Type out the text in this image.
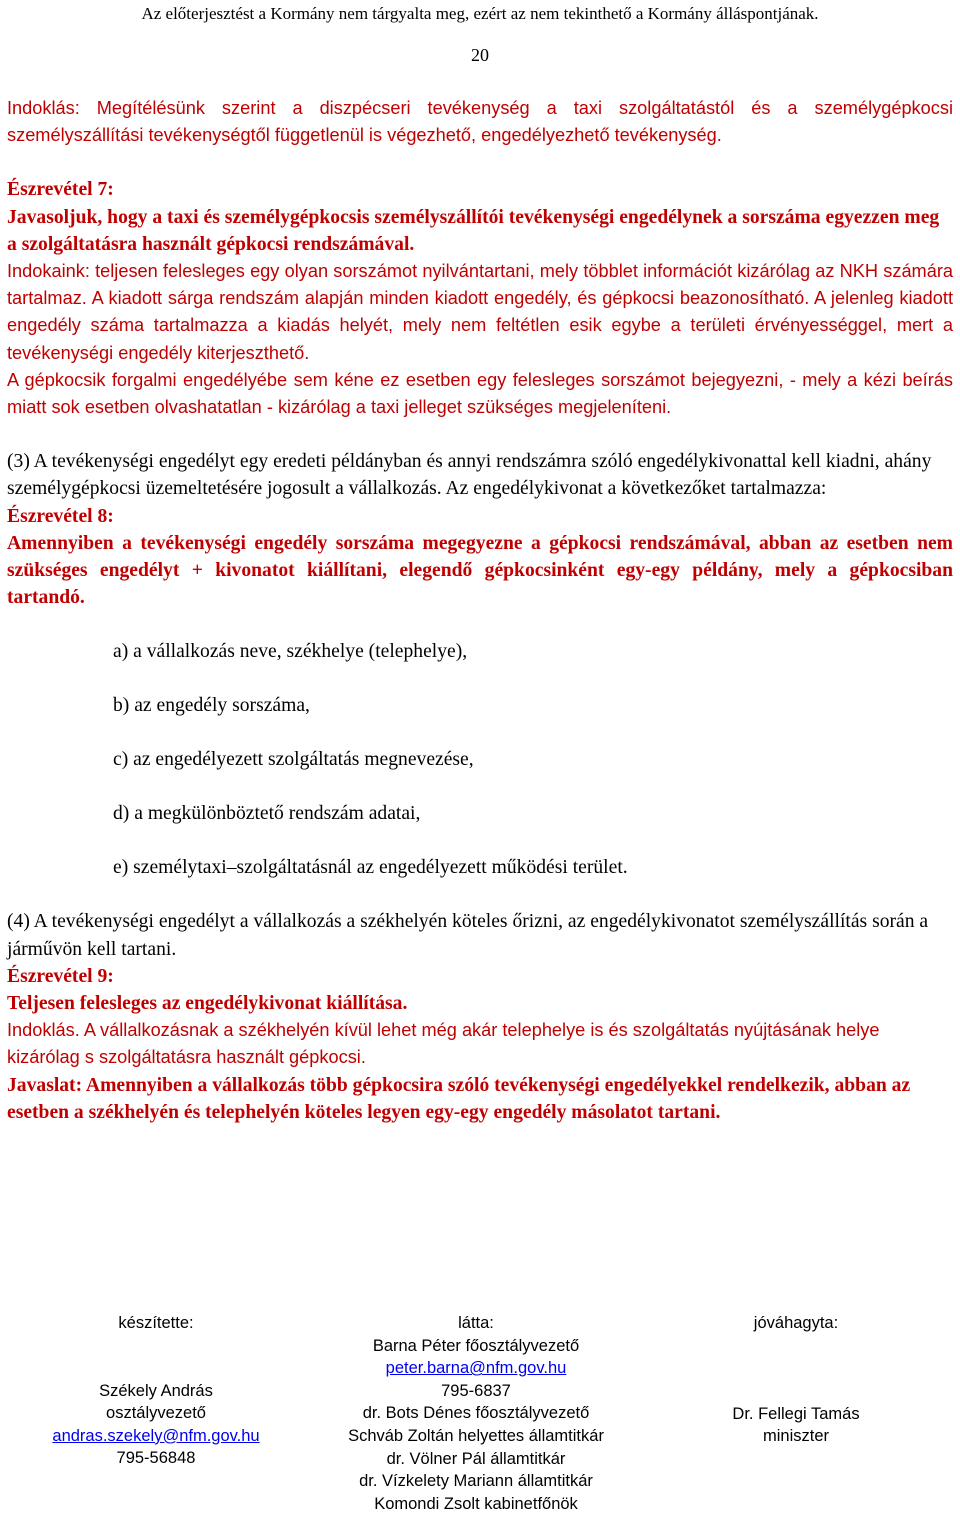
Az előterjesztést a Kormány nem tárgyalta meg, ezért az nem tekinthető a Kormány álláspontjának.
20

Indoklás: Megítélésünk szerint a diszpécseri tevékenység a taxi szolgáltatástól és a személygépkocsi személyszállítási tevékenységtől függetlenül is végezhető, engedélyezhető tevékenység.

Észrevétel 7:

Javasoljuk, hogy a taxi és személygépkocsis személyszállítói tevékenységi engedélynek a sorszáma egyezzen meg a szolgáltatásra használt gépkocsi rendszámával.

Indokaink: teljesen felesleges egy olyan sorszámot nyilvántartani, mely többlet információt kizárólag az NKH számára tartalmaz. A kiadott sárga rendszám alapján minden kiadott engedély, és gépkocsi beazonosítható. A jelenleg kiadott engedély száma tartalmazza a kiadás helyét, mely nem feltétlen esik egybe a területi érvényességgel, mert a tevékenységi engedély kiterjeszthető.

A gépkocsik forgalmi engedélyébe sem kéne ez esetben egy felesleges sorszámot bejegyezni, - mely a kézi beírás miatt sok esetben olvashatatlan - kizárólag a taxi jelleget szükséges megjeleníteni.

(3) A tevékenységi engedélyt egy eredeti példányban és annyi rendszámra szóló engedélykivonattal kell kiadni, ahány személygépkocsi üzemeltetésére jogosult a vállalkozás. Az engedélykivonat a következőket tartalmazza:

Észrevétel 8:

Amennyiben a tevékenységi engedély sorszáma megegyezne a gépkocsi rendszámával, abban az esetben nem szükséges engedélyt + kivonatot kiállítani, elegendő gépkocsinként egy-egy példány, mely a gépkocsiban tartandó.

a) a vállalkozás neve, székhelye (telephelye),

b) az engedély sorszáma,

c) az engedélyezett szolgáltatás megnevezése,

d) a megkülönböztető rendszám adatai,

e) személytaxi–szolgáltatásnál az engedélyezett működési terület.

(4) A tevékenységi engedélyt a vállalkozás a székhelyén köteles őrizni, az engedélykivonatot személyszállítás során a járművön kell tartani.

Észrevétel 9:

Teljesen felesleges az engedélykivonat kiállítása.

Indoklás. A vállalkozásnak a székhelyén kívül lehet még akár telephelye is és szolgáltatás nyújtásának helye kizárólag s szolgáltatásra használt gépkocsi.

Javaslat: Amennyiben a vállalkozás több gépkocsira szóló tevékenységi engedélyekkel rendelkezik, abban az esetben a székhelyén és telephelyén köteles legyen egy-egy engedély másolatot tartani.

készítette:
Székely András
osztályvezető
andras.szekely@nfm.gov.hu
795-56848
látta:
Barna Péter főosztályvezető
peter.barna@nfm.gov.hu
795-6837
dr. Bots Dénes főosztályvezető
Schváb Zoltán helyettes államtitkár
dr. Völner Pál államtitkár
dr. Vízkelety Mariann államtitkár
Komondi Zsolt kabinetfőnök
jóváhagyta:
Dr. Fellegi Tamás
miniszter
